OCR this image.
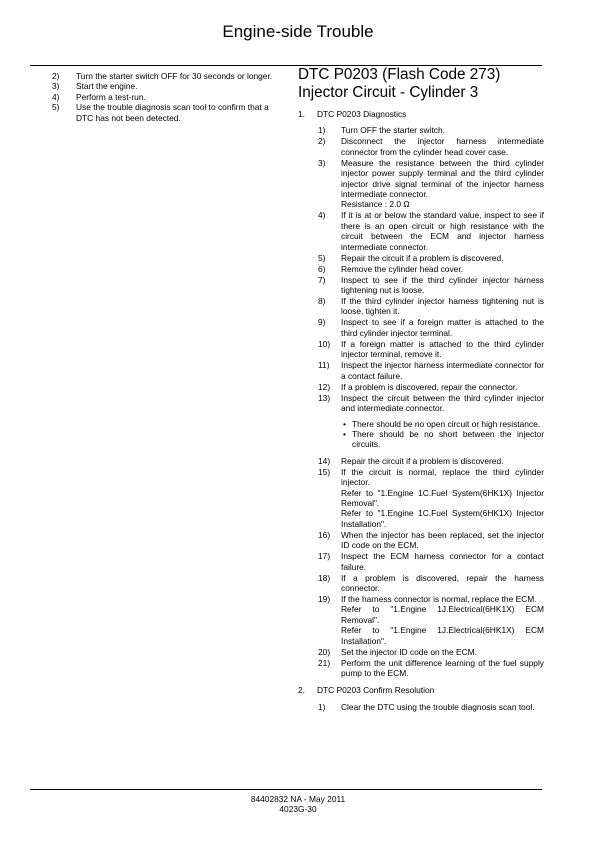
Engine-side Trouble
2)	Turn the starter switch OFF for 30 seconds or longer.
3)	Start the engine.
4)	Perform a test-run.
5)	Use the trouble diagnosis scan tool to confirm that a DTC has not been detected.
DTC P0203 (Flash Code 273)
Injector Circuit - Cylinder 3
1.	DTC P0203 Diagnostics
1)	Turn OFF the starter switch.
2)	Disconnect the injector harness intermediate connector from the cylinder head cover case.
3)	Measure the resistance between the third cylinder injector power supply terminal and the third cylinder injector drive signal terminal of the injector harness intermediate connector.
Resistance : 2.0 Ω
4)	If it is at or below the standard value, inspect to see if there is an open circuit or high resistance with the circuit between the ECM and injector harness intermediate connector.
5)	Repair the circuit if a problem is discovered.
6)	Remove the cylinder head cover.
7)	Inspect to see if the third cylinder injector harness tightening nut is loose.
8)	If the third cylinder injector harness tightening nut is loose, tighten it.
9)	Inspect to see if a foreign matter is attached to the third cylinder injector terminal.
10)	If a foreign matter is attached to the third cylinder injector terminal, remove it.
11)	Inspect the injector harness intermediate connector for a contact failure.
12)	If a problem is discovered, repair the connector.
13)	Inspect the circuit between the third cylinder injector and intermediate connector.
• There should be no open circuit or high resistance.
• There should be no short between the injector circuits.
14)	Repair the circuit if a problem is discovered.
15)	If the circuit is normal, replace the third cylinder injector.
Refer to "1.Engine 1C.Fuel System(6HK1X) Injector Removal".
Refer to "1.Engine 1C.Fuel System(6HK1X) Injector Installation".
16)	When the injector has been replaced, set the injector ID code on the ECM.
17)	Inspect the ECM harness connector for a contact failure.
18)	If a problem is discovered, repair the harness connector.
19)	If the harness connector is normal, replace the ECM.
Refer to "1.Engine 1J.Electrical(6HK1X) ECM Removal".
Refer to "1.Engine 1J.Electrical(6HK1X) ECM Installation".
20)	Set the injector ID code on the ECM.
21)	Perform the unit difference learning of the fuel supply pump to the ECM.
2.	DTC P0203 Confirm Resolution
1)	Clear the DTC using the trouble diagnosis scan tool.
84402832 NA - May 2011
4023G-30
